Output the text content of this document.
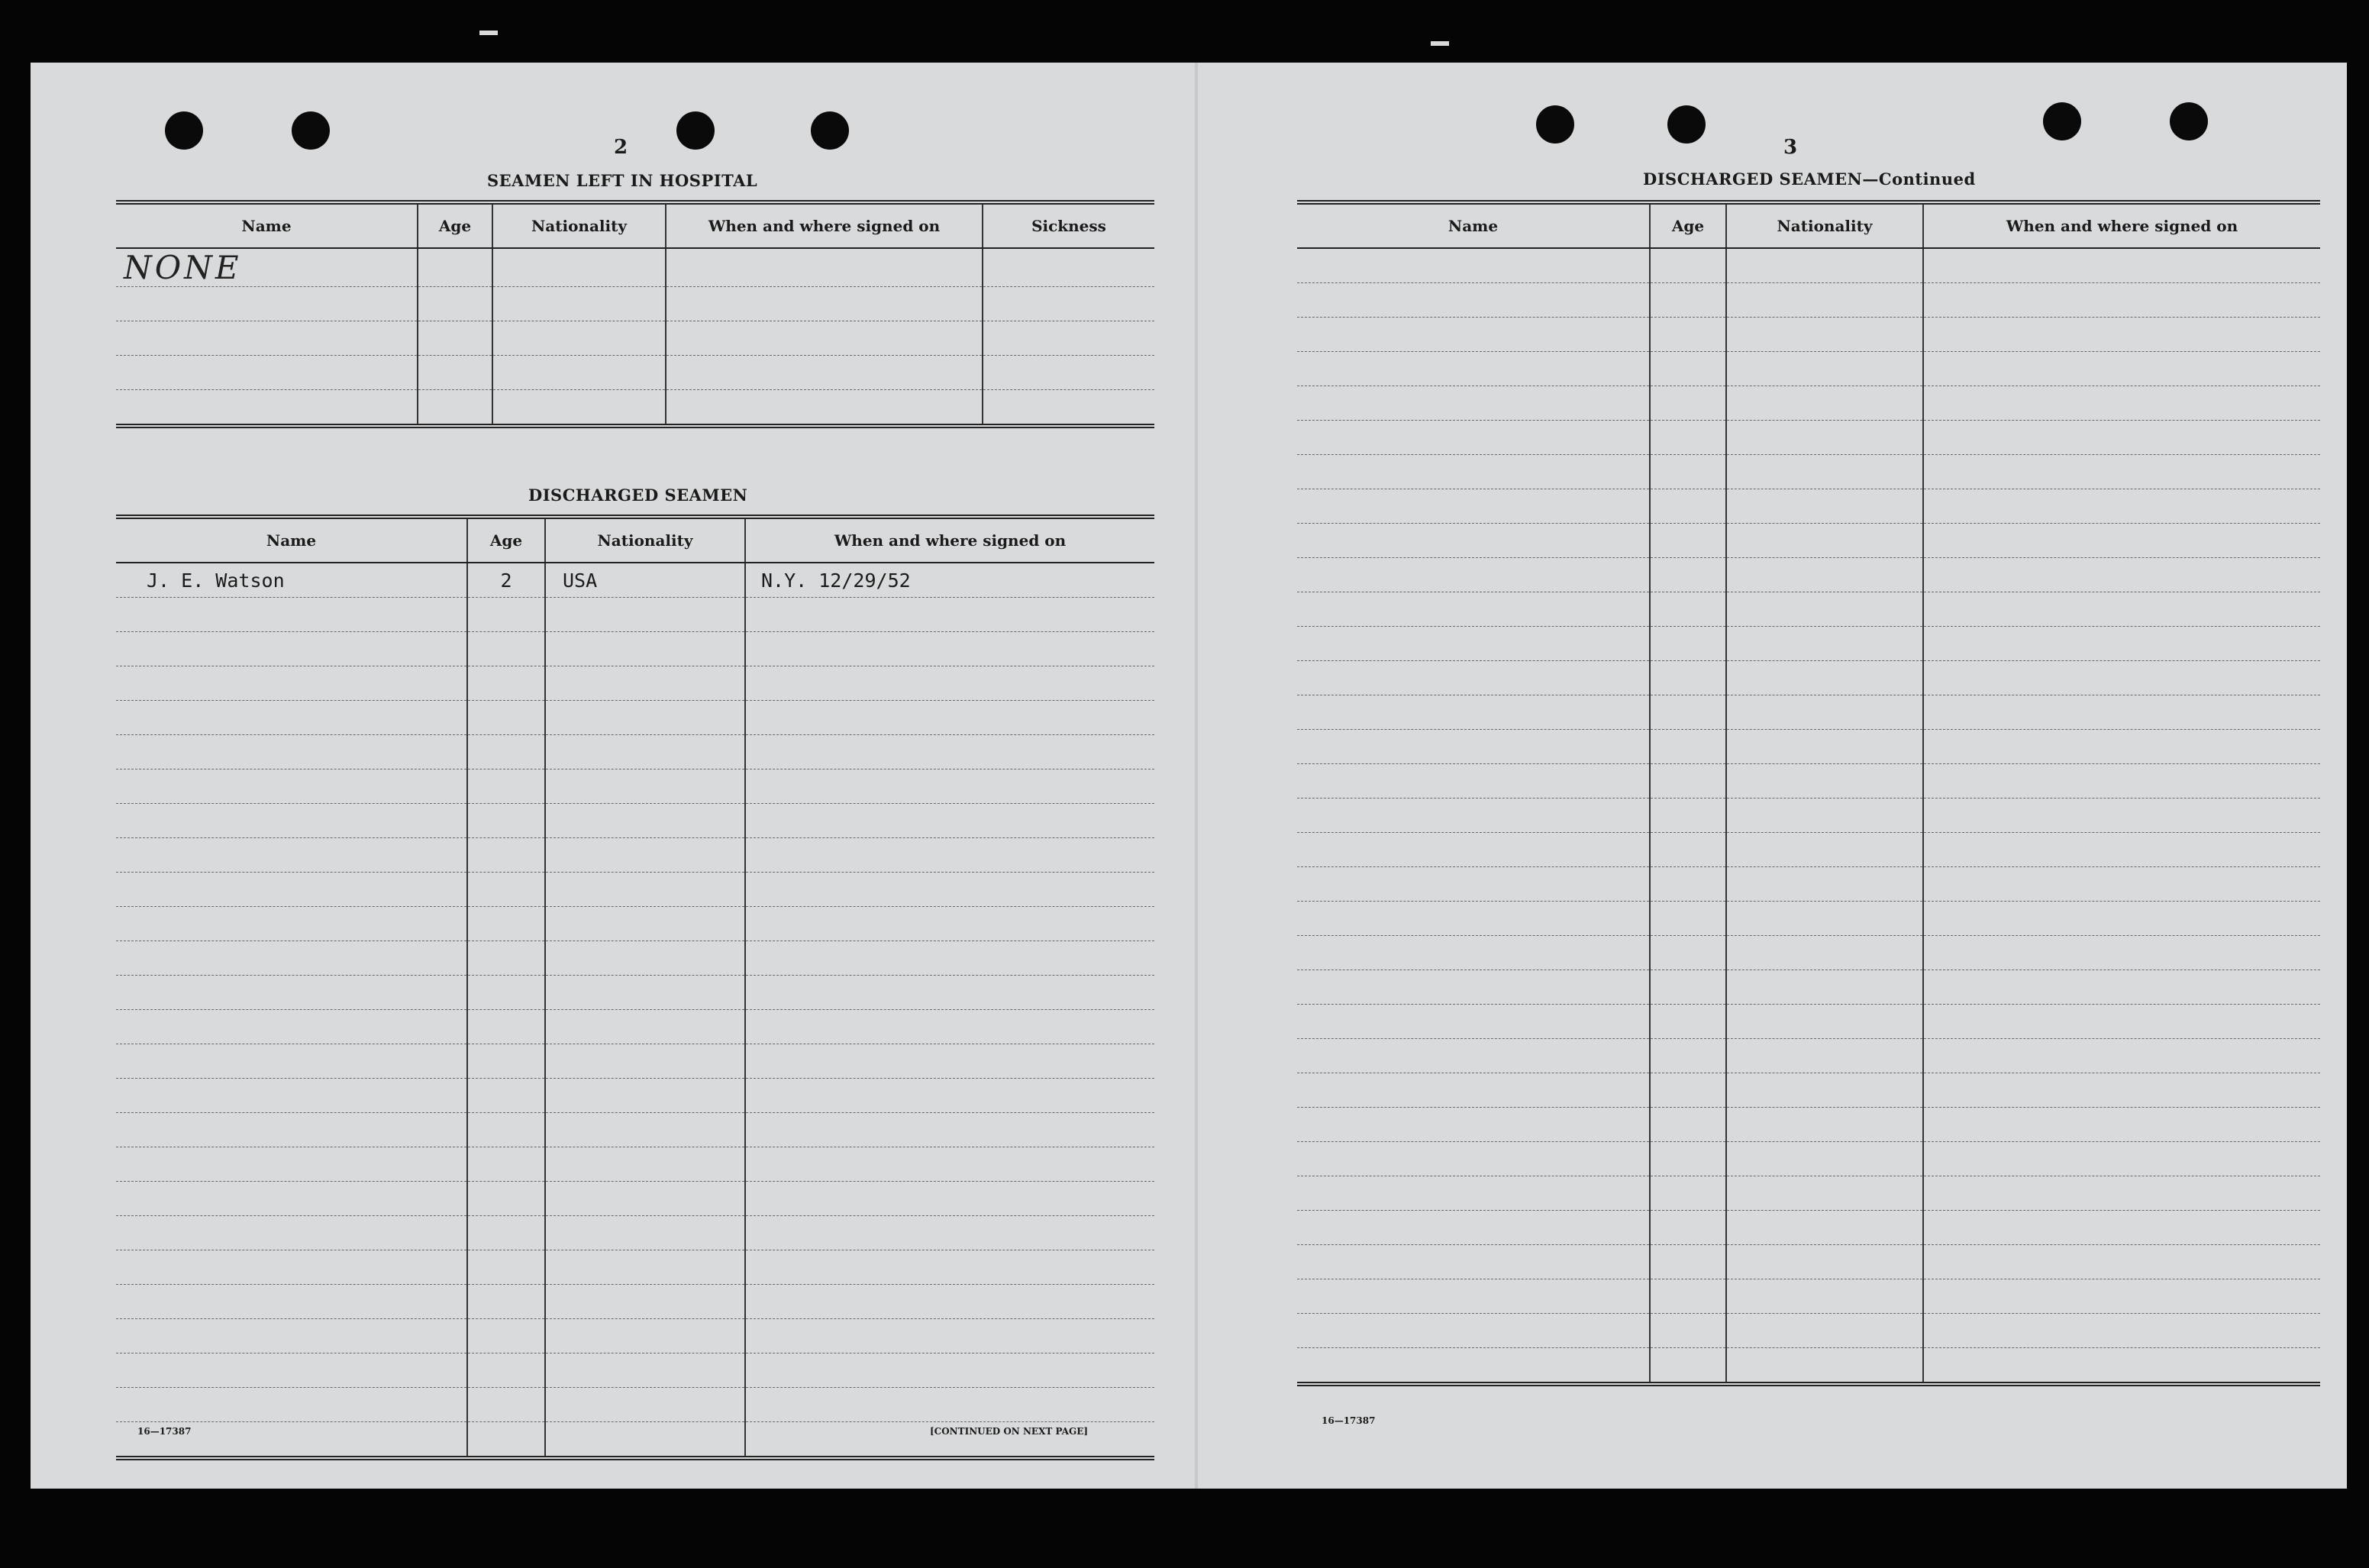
2
SEAMEN LEFT IN HOSPITAL
Name	Age	Nationality	When and where signed on	Sickness
NONE				

DISCHARGED SEAMEN
Name	Age	Nationality	When and where signed on
J. E. Watson	2	USA	N.Y. 12/29/52

16—17387	[CONTINUED ON NEXT PAGE]
3
DISCHARGED SEAMEN—Continued
Name	Age	Nationality	When and where signed on

16—17387
